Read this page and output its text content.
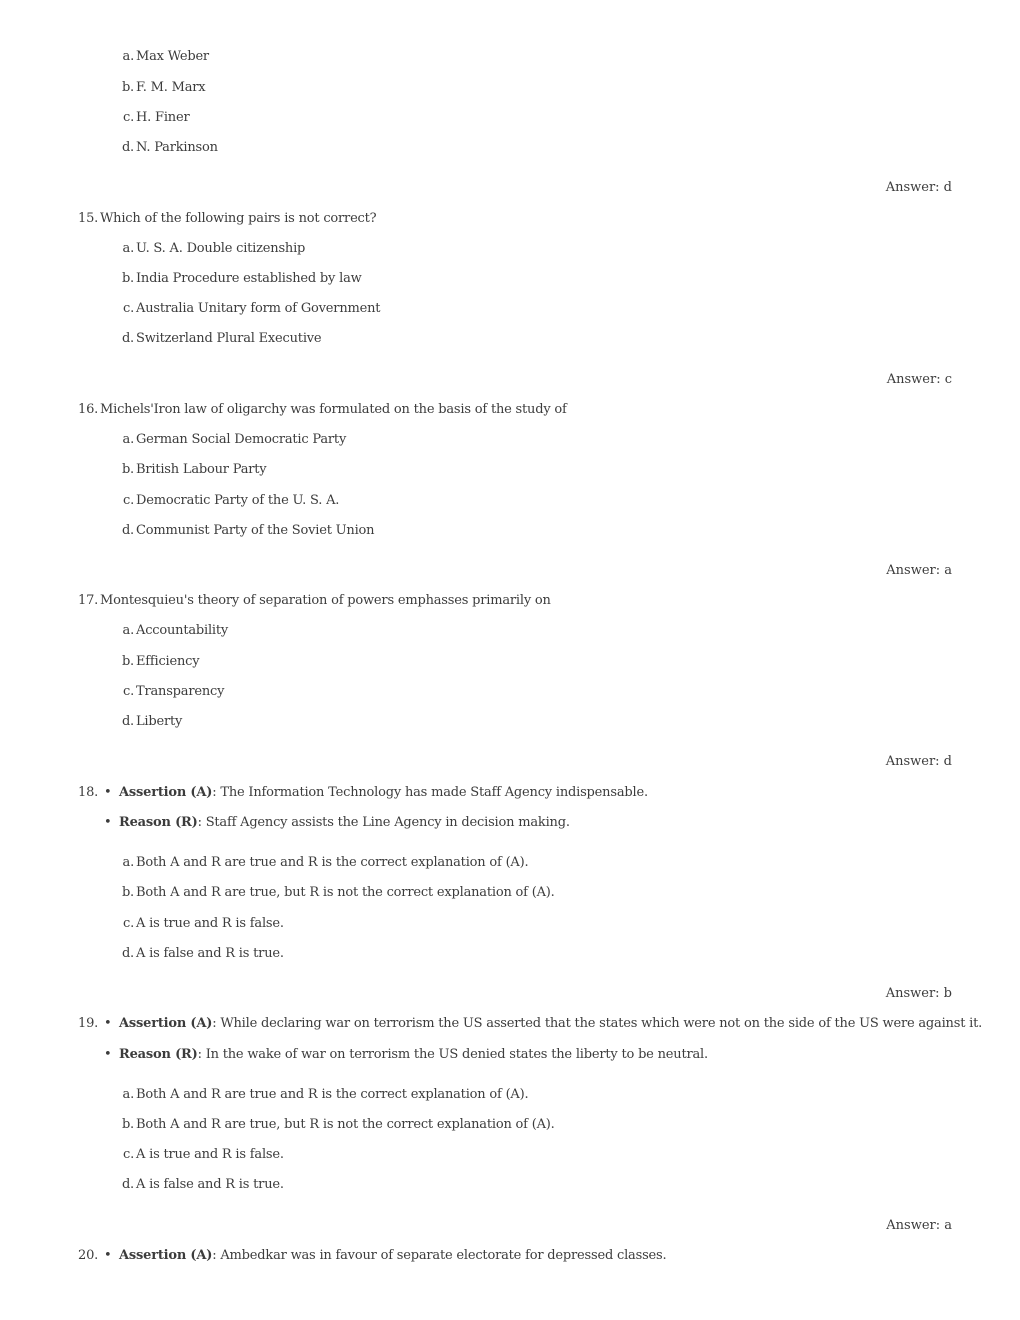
a. Max Weber
b. F. M. Marx
c. H. Finer
d. N. Parkinson
Answer: d
15. Which of the following pairs is not correct?
a. U. S. A. Double citizenship
b. India Procedure established by law
c. Australia Unitary form of Government
d. Switzerland Plural Executive
Answer: c
16. Michels'Iron law of oligarchy was formulated on the basis of the study of
a. German Social Democratic Party
b. British Labour Party
c. Democratic Party of the U. S. A.
d. Communist Party of the Soviet Union
Answer: a
17. Montesquieu's theory of separation of powers emphasses primarily on
a. Accountability
b. Efficiency
c. Transparency
d. Liberty
Answer: d
18. • Assertion (A): The Information Technology has made Staff Agency indispensable.
• Reason (R): Staff Agency assists the Line Agency in decision making.
a. Both A and R are true and R is the correct explanation of (A).
b. Both A and R are true, but R is not the correct explanation of (A).
c. A is true and R is false.
d. A is false and R is true.
Answer: b
19. • Assertion (A): While declaring war on terrorism the US asserted that the states which were not on the side of the US were against it.
• Reason (R): In the wake of war on terrorism the US denied states the liberty to be neutral.
a. Both A and R are true and R is the correct explanation of (A).
b. Both A and R are true, but R is not the correct explanation of (A).
c. A is true and R is false.
d. A is false and R is true.
Answer: a
20. • Assertion (A): Ambedkar was in favour of separate electorate for depressed classes.
